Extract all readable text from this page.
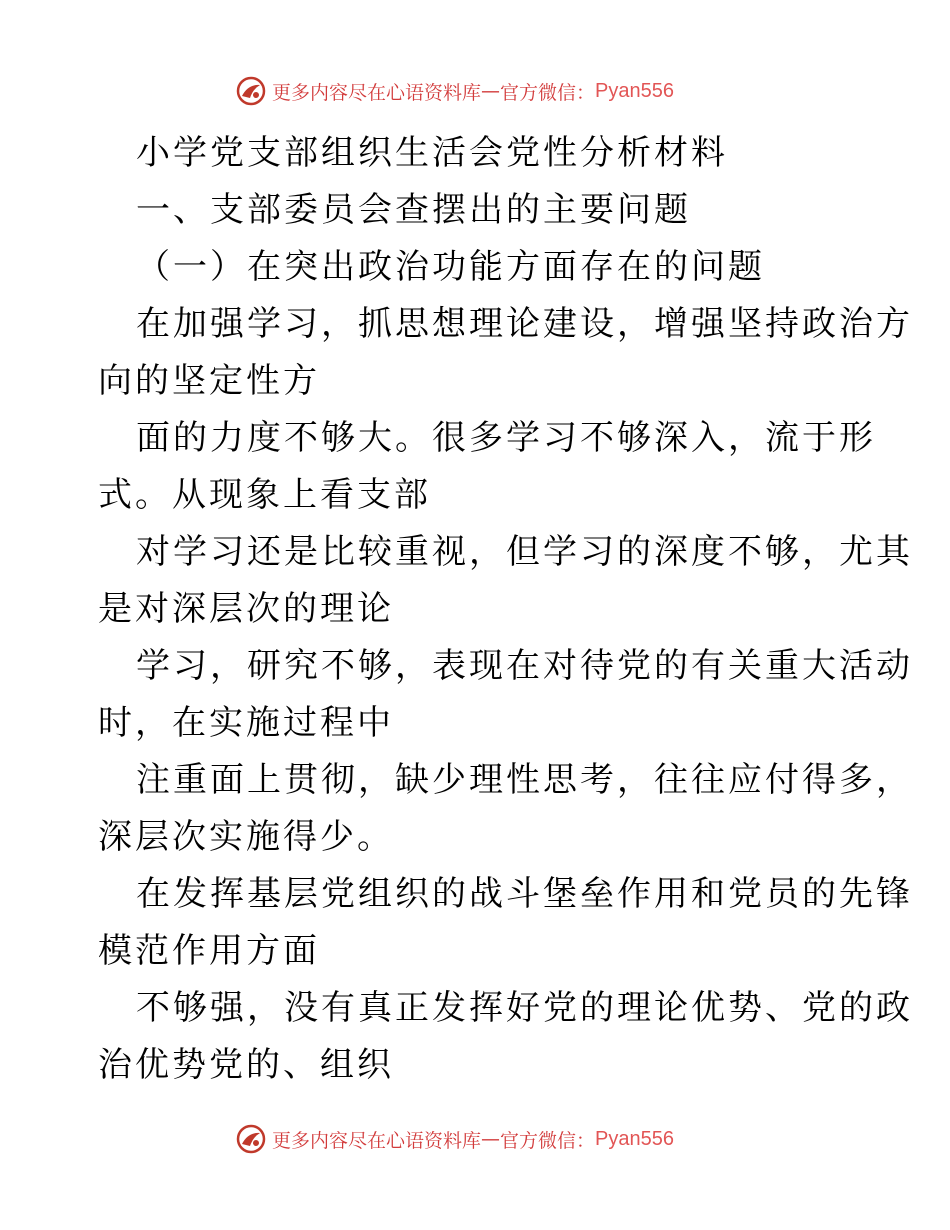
更多内容尽在心语资料库 — 官方微信： Pyan556
小学党支部组织生活会党性分析材料
一、支部委员会查摆出的主要问题
（一）在突出政治功能方面存在的问题
在加强学习，抓思想理论建设，增强坚持政治方
向的坚定性方
面的力度不够大。很多学习不够深入，流于形
式。从现象上看支部
对学习还是比较重视，但学习的深度不够，尤其
是对深层次的理论
学习，研究不够，表现在对待党的有关重大活动
时，在实施过程中
注重面上贯彻，缺少理性思考，往往应付得多，
深层次实施得少。
在发挥基层党组织的战斗堡垒作用和党员的先锋
模范作用方面
不够强，没有真正发挥好党的理论优势、党的政
治优势党的、组织
更多内容尽在心语资料库 — 官方微信： Pyan556
